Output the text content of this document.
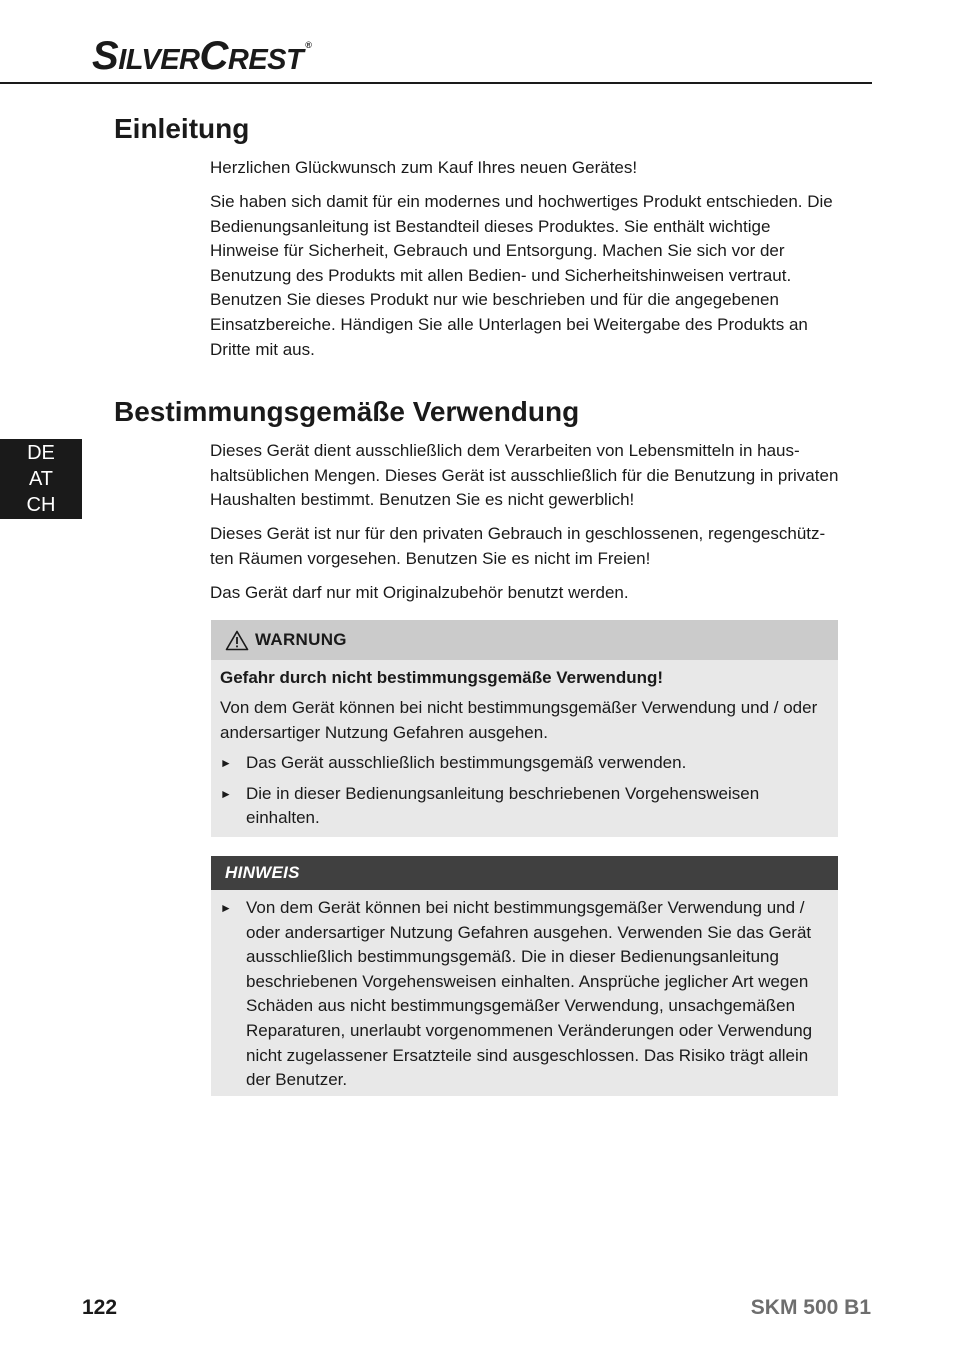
SILVERCREST ®
Einleitung

Herzlichen Glückwunsch zum Kauf Ihres neuen Gerätes!

Sie haben sich damit für ein modernes und hochwertiges Produkt entschieden. Die Bedienungsanleitung ist Bestandteil dieses Produktes. Sie enthält wichtige Hinweise für Sicherheit, Gebrauch und Entsorgung. Machen Sie sich vor der Benutzung des Produkts mit allen Bedien- und Sicherheitshinweisen vertraut. Benutzen Sie dieses Produkt nur wie beschrieben und für die angegebenen Einsatzbereiche. Händigen Sie alle Unterlagen bei Weitergabe des Produkts an Dritte mit aus.

Bestimmungsgemäße Verwendung

Dieses Gerät dient ausschließlich dem Verarbeiten von Lebensmitteln in haushaltsüblichen Mengen. Dieses Gerät ist ausschließlich für die Benutzung in privaten Haushalten bestimmt. Benutzen Sie es nicht gewerblich!

Dieses Gerät ist nur für den privaten Gebrauch in geschlossenen, regengeschützten Räumen vorgesehen. Benutzen Sie es nicht im Freien!

Das Gerät darf nur mit Originalzubehör benutzt werden.

DE
AT
CH
WARNUNG

Gefahr durch nicht bestimmungsgemäße Verwendung!

Von dem Gerät können bei nicht bestimmungsgemäßer Verwendung und / oder andersartiger Nutzung Gefahren ausgehen.

► Das Gerät ausschließlich bestimmungsgemäß verwenden.
► Die in dieser Bedienungsanleitung beschriebenen Vorgehensweisen einhalten.
HINWEIS
► Von dem Gerät können bei nicht bestimmungsgemäßer Verwendung und / oder andersartiger Nutzung Gefahren ausgehen. Verwenden Sie das Gerät ausschließlich bestimmungsgemäß. Die in dieser Bedienungsanleitung beschriebenen Vorgehensweisen einhalten. Ansprüche jeglicher Art wegen Schäden aus nicht bestimmungsgemäßer Verwendung, unsachgemäßen Reparaturen, unerlaubt vorgenommenen Veränderungen oder Verwendung nicht zugelassener Ersatzteile sind ausgeschlossen. Das Risiko trägt allein der Benutzer.
122	SKM 500 B1
